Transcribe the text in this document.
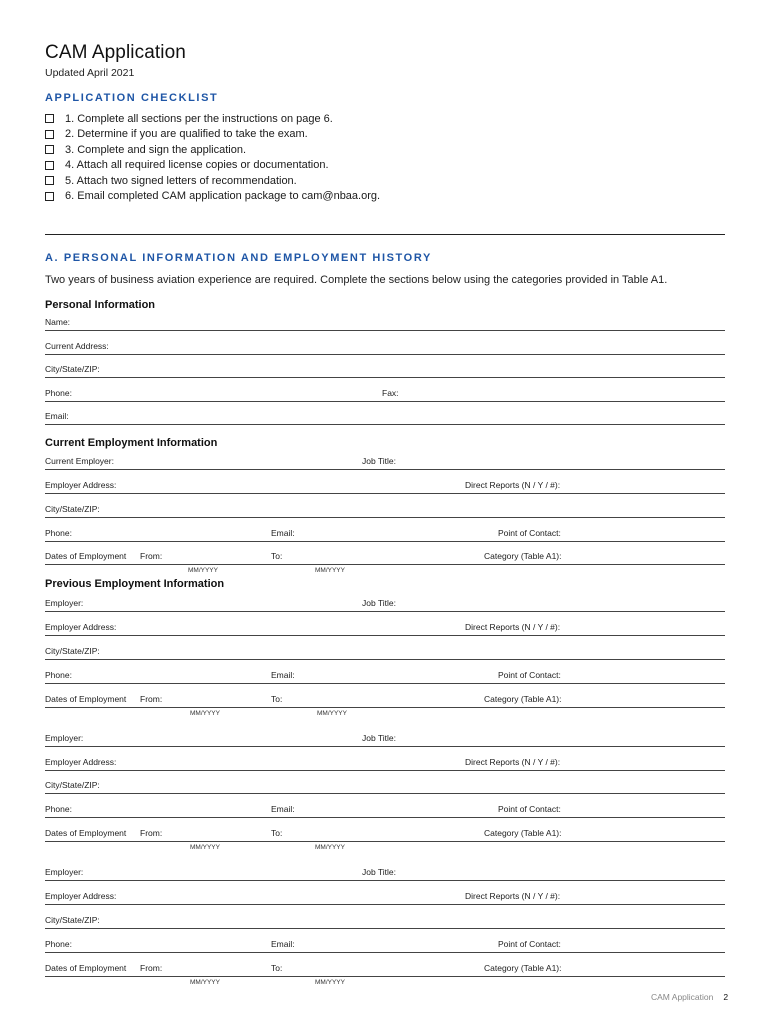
CAM Application
Updated April 2021
APPLICATION CHECKLIST
1. Complete all sections per the instructions on page 6.
2. Determine if you are qualified to take the exam.
3. Complete and sign the application.
4. Attach all required license copies or documentation.
5. Attach two signed letters of recommendation.
6. Email completed CAM application package to cam@nbaa.org.
A. PERSONAL INFORMATION AND EMPLOYMENT HISTORY
Two years of business aviation experience are required. Complete the sections below using the categories provided in Table A1.
Personal Information
Name:
Current Address:
City/State/ZIP:
Phone:	Fax:
Email:
Current Employment Information
Current Employer:	Job Title:
Employer Address:	Direct Reports (N / Y / #):
City/State/ZIP:
Phone:	Email:	Point of Contact:
Dates of Employment From:	To:	Category (Table A1):
MM/YYYY	MM/YYYY
Previous Employment Information
Employer:	Job Title:
Employer Address:	Direct Reports (N / Y / #):
City/State/ZIP:
Phone:	Email:	Point of Contact:
Dates of Employment From:	To:	Category (Table A1):
MM/YYYY	MM/YYYY
Employer:	Job Title:
Employer Address:	Direct Reports (N / Y / #):
City/State/ZIP:
Phone:	Email:	Point of Contact:
Dates of Employment From:	To:	Category (Table A1):
MM/YYYY	MM/YYYY
Employer:	Job Title:
Employer Address:	Direct Reports (N / Y / #):
City/State/ZIP:
Phone:	Email:	Point of Contact:
Dates of Employment From:	To:	Category (Table A1):
MM/YYYY	MM/YYYY
CAM Application 2
